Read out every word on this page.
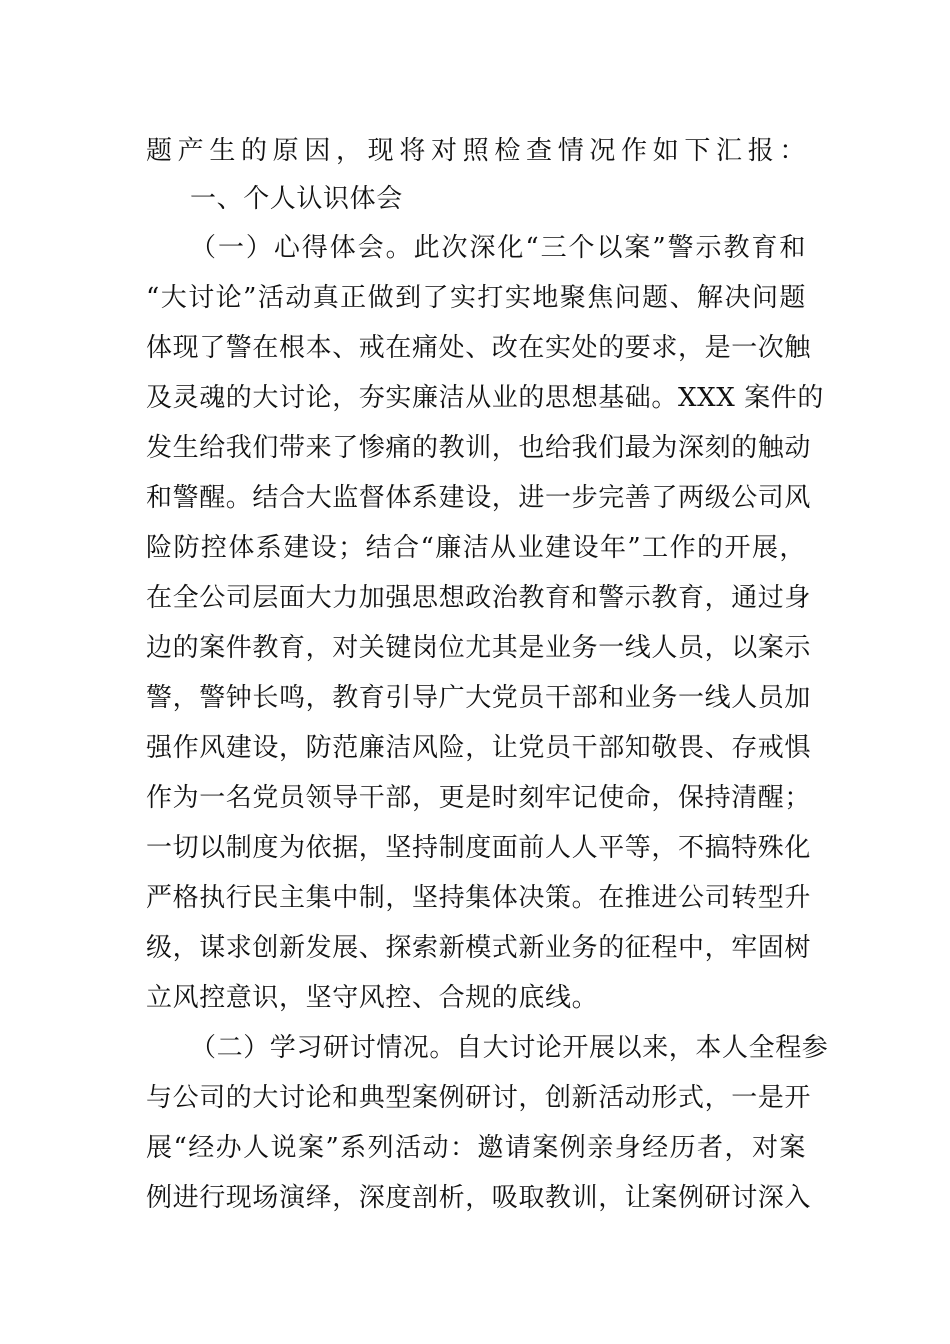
题产生的原因，现将对照检查情况作如下汇报：
一、个人认识体会
（一）心得体会。此次深化“三个以案”警示教育和
“大讨论”活动真正做到了实打实地聚焦问题、解决问题
体现了警在根本、戒在痛处、改在实处的要求，是一次触
及灵魂的大讨论，夯实廉洁从业的思想基础。XXX 案件的
发生给我们带来了惨痛的教训，也给我们最为深刻的触动
和警醒。结合大监督体系建设，进一步完善了两级公司风
险防控体系建设；结合“廉洁从业建设年”工作的开展，
在全公司层面大力加强思想政治教育和警示教育，通过身
边的案件教育，对关键岗位尤其是业务一线人员，以案示
警，警钟长鸣，教育引导广大党员干部和业务一线人员加
强作风建设，防范廉洁风险，让党员干部知敬畏、存戒惧
作为一名党员领导干部，更是时刻牢记使命，保持清醒；
一切以制度为依据，坚持制度面前人人平等，不搞特殊化
严格执行民主集中制，坚持集体决策。在推进公司转型升
级，谋求创新发展、探索新模式新业务的征程中，牢固树
立风控意识，坚守风控、合规的底线。
（二）学习研讨情况。自大讨论开展以来，本人全程参
与公司的大讨论和典型案例研讨，创新活动形式，一是开
展“经办人说案”系列活动：邀请案例亲身经历者，对案
例进行现场演绎，深度剖析，吸取教训，让案例研讨深入
